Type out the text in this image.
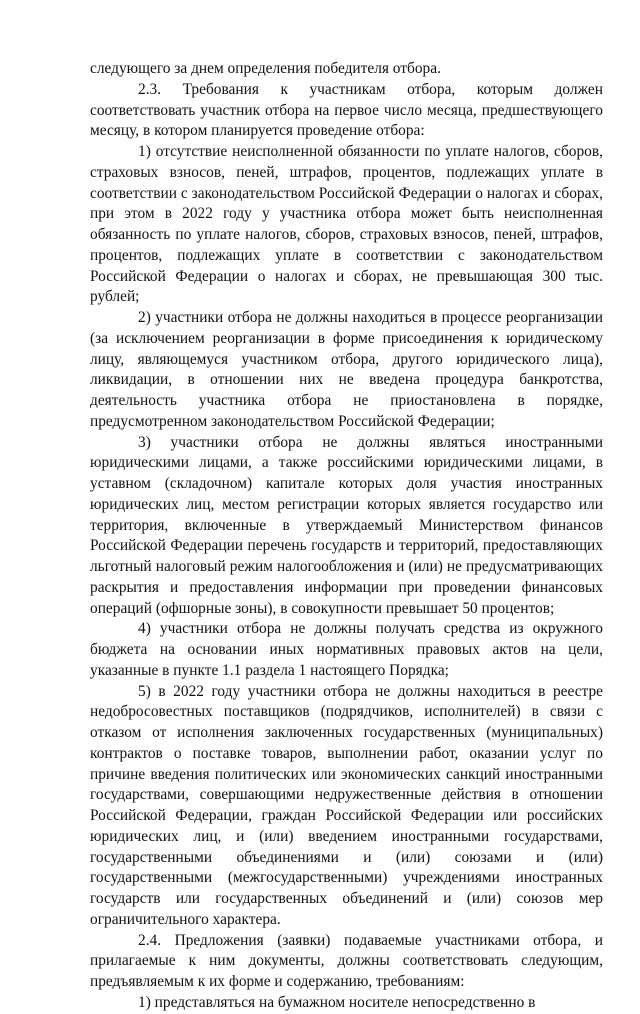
следующего за днем определения победителя отбора.

2.3. Требования к участникам отбора, которым должен соответствовать участник отбора на первое число месяца, предшествующего месяцу, в котором планируется проведение отбора:

1) отсутствие неисполненной обязанности по уплате налогов, сборов, страховых взносов, пеней, штрафов, процентов, подлежащих уплате в соответствии с законодательством Российской Федерации о налогах и сборах, при этом в 2022 году у участника отбора может быть неисполненная обязанность по уплате налогов, сборов, страховых взносов, пеней, штрафов, процентов, подлежащих уплате в соответствии с законодательством Российской Федерации о налогах и сборах, не превышающая 300 тыс. рублей;

2) участники отбора не должны находиться в процессе реорганизации (за исключением реорганизации в форме присоединения к юридическому лицу, являющемуся участником отбора, другого юридического лица), ликвидации, в отношении них не введена процедура банкротства, деятельность участника отбора не приостановлена в порядке, предусмотренном законодательством Российской Федерации;

3) участники отбора не должны являться иностранными юридическими лицами, а также российскими юридическими лицами, в уставном (складочном) капитале которых доля участия иностранных юридических лиц, местом регистрации которых является государство или территория, включенные в утверждаемый Министерством финансов Российской Федерации перечень государств и территорий, предоставляющих льготный налоговый режим налогообложения и (или) не предусматривающих раскрытия и предоставления информации при проведении финансовых операций (офшорные зоны), в совокупности превышает 50 процентов;

4) участники отбора не должны получать средства из окружного бюджета на основании иных нормативных правовых актов на цели, указанные в пункте 1.1 раздела 1 настоящего Порядка;

5) в 2022 году участники отбора не должны находиться в реестре недобросовестных поставщиков (подрядчиков, исполнителей) в связи с отказом от исполнения заключенных государственных (муниципальных) контрактов о поставке товаров, выполнении работ, оказании услуг по причине введения политических или экономических санкций иностранными государствами, совершающими недружественные действия в отношении Российской Федерации, граждан Российской Федерации или российских юридических лиц, и (или) введением иностранными государствами, государственными объединениями и (или) союзами и (или) государственными (межгосударственными) учреждениями иностранных государств или государственных объединений и (или) союзов мер ограничительного характера.

2.4. Предложения (заявки) подаваемые участниками отбора, и прилагаемые к ним документы, должны соответствовать следующим, предъявляемым к их форме и содержанию, требованиям:

1) представляться на бумажном носителе непосредственно в
